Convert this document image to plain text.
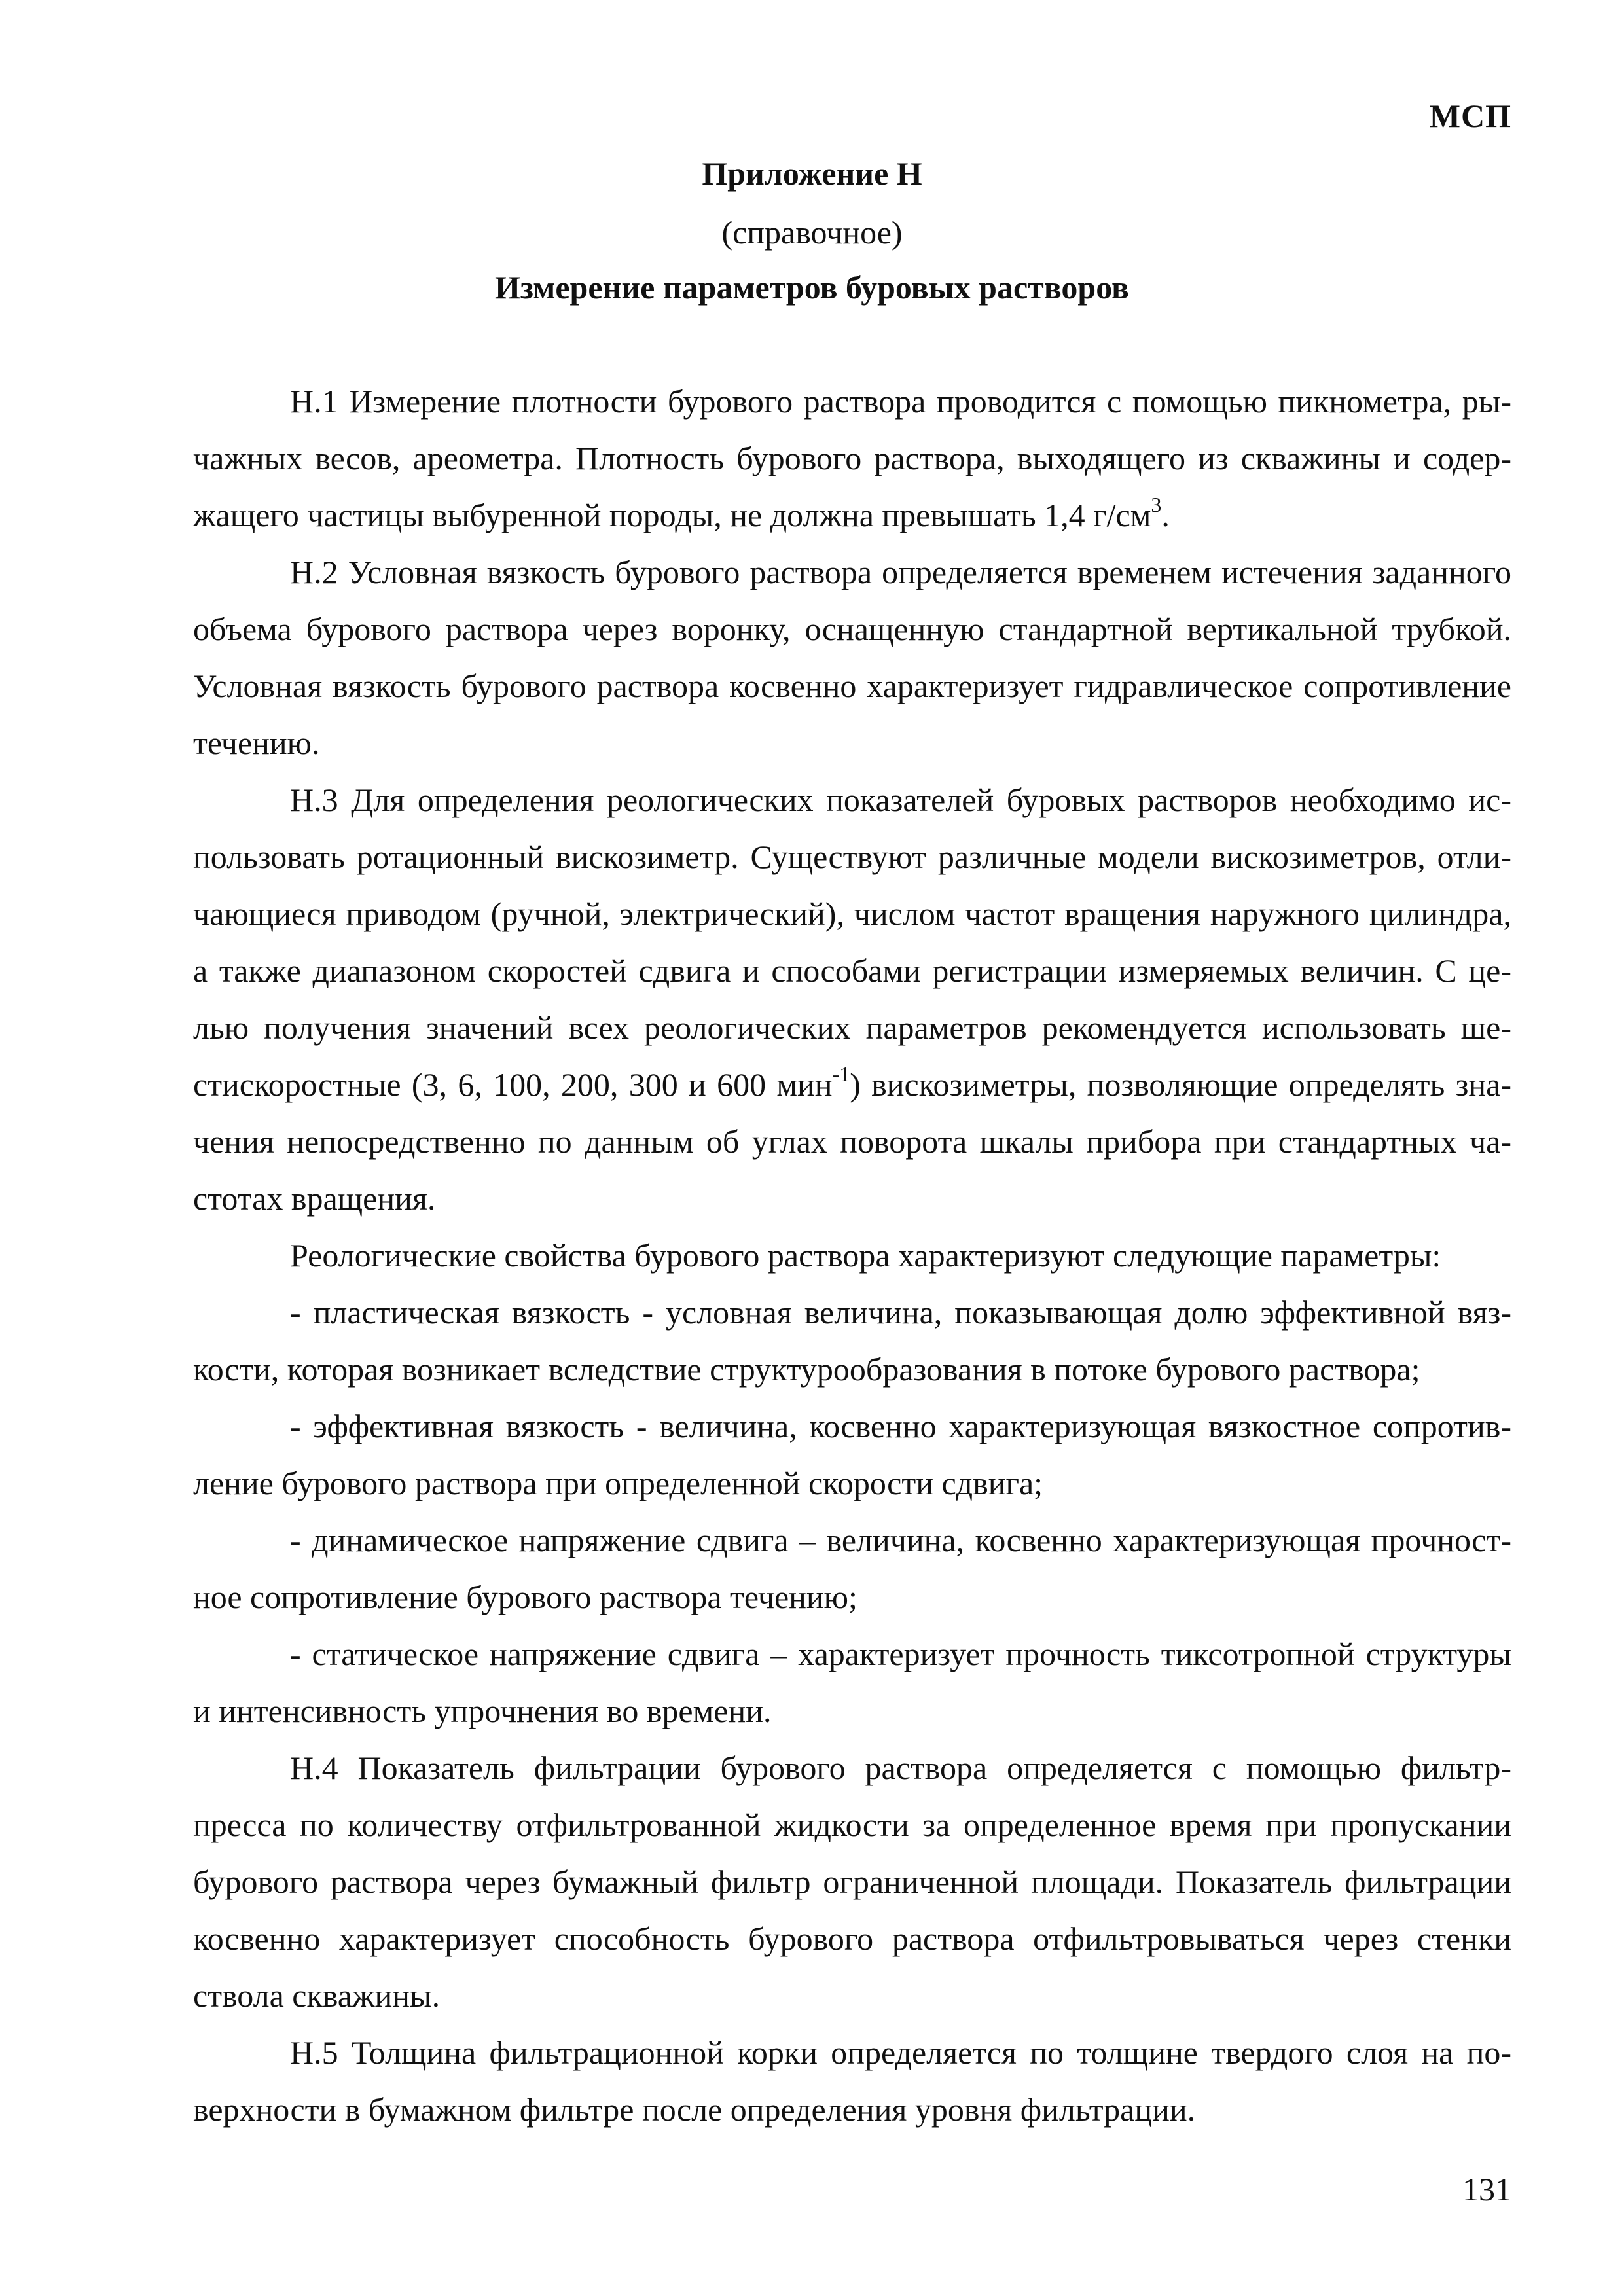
МСП
Приложение Н
(справочное)
Измерение параметров буровых растворов

Н.1 Измерение плотности бурового раствора проводится с помощью пикнометра, рычажных весов, ареометра. Плотность бурового раствора, выходящего из скважины и содержащего частицы выбуренной породы, не должна превышать 1,4 $г/см^3$.

Н.2 Условная вязкость бурового раствора определяется временем истечения заданного объема бурового раствора через воронку, оснащенную стандартной вертикальной трубкой. Условная вязкость бурового раствора косвенно характеризует гидравлическое сопротивление течению.

Н.3 Для определения реологических показателей буровых растворов необходимо использовать ротационный вискозиметр. Существуют различные модели вискозиметров, отличающиеся приводом (ручной, электрический), числом частот вращения наружного цилиндра, а также диапазоном скоростей сдвига и способами регистрации измеряемых величин. С целью получения значений всех реологических параметров рекомендуется использовать шестискоростные (3, 6, 100, 200, 300 и 600 мин$^{-1}$) вискозиметры, позволяющие определять значения непосредственно по данным об углах поворота шкалы прибора при стандартных частотах вращения.

Реологические свойства бурового раствора характеризуют следующие параметры:

- пластическая вязкость - условная величина, показывающая долю эффективной вязкости, которая возникает вследствие структурообразования в потоке бурового раствора;

- эффективная вязкость - величина, косвенно характеризующая вязкостное сопротивление бурового раствора при определенной скорости сдвига;

- динамическое напряжение сдвига – величина, косвенно характеризующая прочностное сопротивление бурового раствора течению;

- статическое напряжение сдвига – характеризует прочность тиксотропной структуры и интенсивность упрочнения во времени.

Н.4 Показатель фильтрации бурового раствора определяется с помощью фильтр-пресса по количеству отфильтрованной жидкости за определенное время при пропускании бурового раствора через бумажный фильтр ограниченной площади. Показатель фильтрации косвенно характеризует способность бурового раствора отфильтровываться через стенки ствола скважины.

Н.5 Толщина фильтрационной корки определяется по толщине твердого слоя на поверхности в бумажном фильтре после определения уровня фильтрации.

131
